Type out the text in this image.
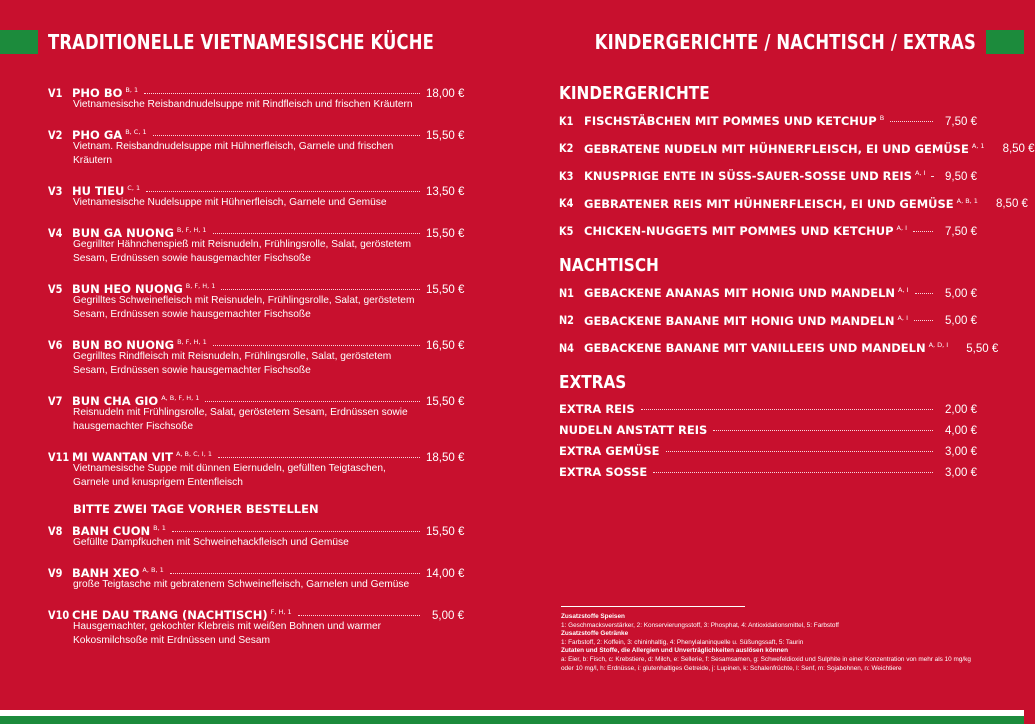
TRADITIONELLE VIETNAMESISCHE KÜCHE	KINDERGERICHTE / NACHTISCH / EXTRAS
V1 PHO BO $^{B, 1}$	18,00 €
Vietnamesische Reisbandnudelsuppe mit Rindfleisch und frischen Kräutern
V2 PHO GA $^{B, C, 1}$	15,50 €
Vietnam. Reisbandnudelsuppe mit Hühnerfleisch, Garnele und frischen Kräutern
V3 HU TIEU $^{C, 1}$	13,50 €
Vietnamesische Nudelsuppe mit Hühnerfleisch, Garnele und Gemüse
V4 BUN GA NUONG $^{B, F, H, 1}$	15,50 €
Gegrillter Hähnchenspieß mit Reisnudeln, Frühlingsrolle, Salat, geröstetem Sesam, Erdnüssen sowie hausgemachter Fischsoße
V5 BUN HEO NUONG $^{B, F, H, 1}$	15,50 €
Gegrilltes Schweinefleisch mit Reisnudeln, Frühlingsrolle, Salat, geröstetem Sesam, Erdnüssen sowie hausgemachter Fischsoße
V6 BUN BO NUONG $^{B, F, H, 1}$	16,50 €
Gegrilltes Rindfleisch mit Reisnudeln, Frühlingsrolle, Salat, geröstetem Sesam, Erdnüssen sowie hausgemachter Fischsoße
V7 BUN CHA GIO $^{A, B, F, H, 1}$	15,50 €
Reisnudeln mit Frühlingsrolle, Salat, geröstetem Sesam, Erdnüssen sowie hausgemachter Fischsoße
V11 MI WANTAN VIT $^{A, B, C, I, 1}$	18,50 €
Vietnamesische Suppe mit dünnen Eiernudeln, gefüllten Teigtaschen, Garnele und knusprigem Entenfleisch
BITTE ZWEI TAGE VORHER BESTELLEN
V8 BANH CUON $^{B, 1}$	15,50 €
Gefüllte Dampfkuchen mit Schweinehackfleisch und Gemüse
V9 BANH XEO $^{A, B, 1}$	14,00 €
große Teigtasche mit gebratenem Schweinefleisch, Garnelen und Gemüse
V10 CHE DAU TRANG (NACHTISCH) $^{F, H, 1}$	5,00 €
Hausgemachter, gekochter Klebreis mit weißen Bohnen und warmer Kokosmilchsoße mit Erdnüssen und Sesam
KINDERGERICHTE
K1 FISCHSTÄBCHEN MIT POMMES UND KETCHUP $^B$	7,50 €
K2 GEBRATENE NUDELN MIT HÜHNERFLEISCH, EI UND GEMÜSE $^{A, 1}$	8,50 €
K3 KNUSPRIGE ENTE IN SÜSS-SAUER-SOSSE UND REIS $^{A, I}$	9,50 €
K4 GEBRATENER REIS MIT HÜHNERFLEISCH, EI UND GEMÜSE $^{A, B, 1}$	8,50 €
K5 CHICKEN-NUGGETS MIT POMMES UND KETCHUP $^{A, I}$	7,50 €
NACHTISCH
N1 GEBACKENE ANANAS MIT HONIG UND MANDELN $^{A, I}$	5,00 €
N2 GEBACKENE BANANE MIT HONIG UND MANDELN $^{A, I}$	5,00 €
N4 GEBACKENE BANANE MIT VANILLEEIS UND MANDELN $^{A, D, I}$	5,50 €
EXTRAS
EXTRA REIS	2,00 €
NUDELN ANSTATT REIS	4,00 €
EXTRA GEMÜSE	3,00 €
EXTRA SOSSE	3,00 €
Zusatzstoffe Speisen
1: Geschmacksverstärker, 2: Konservierungsstoff, 3: Phosphat, 4: Antioxidationsmittel, 5: Farbstoff
Zusatzstoffe Getränke
1: Farbstoff, 2: Koffein, 3: chininhaltig, 4: Phenylalaninquelle u. Süßungssaft, 5: Taurin
Zutaten und Stoffe, die Allergien und Unverträglichkeiten auslösen können
a: Eier, b: Fisch, c: Krebstiere, d: Milch, e: Sellerie, f: Sesamsamen, g: Schwefeldioxid und Sulphite in einer Konzentration von mehr als 10 mg/kg oder 10 mg/l, h: Erdnüsse, i: glutenhaltiges Getreide, j: Lupinen, k: Schalenfrüchte, l: Senf, m: Sojabohnen, n: Weichtiere
